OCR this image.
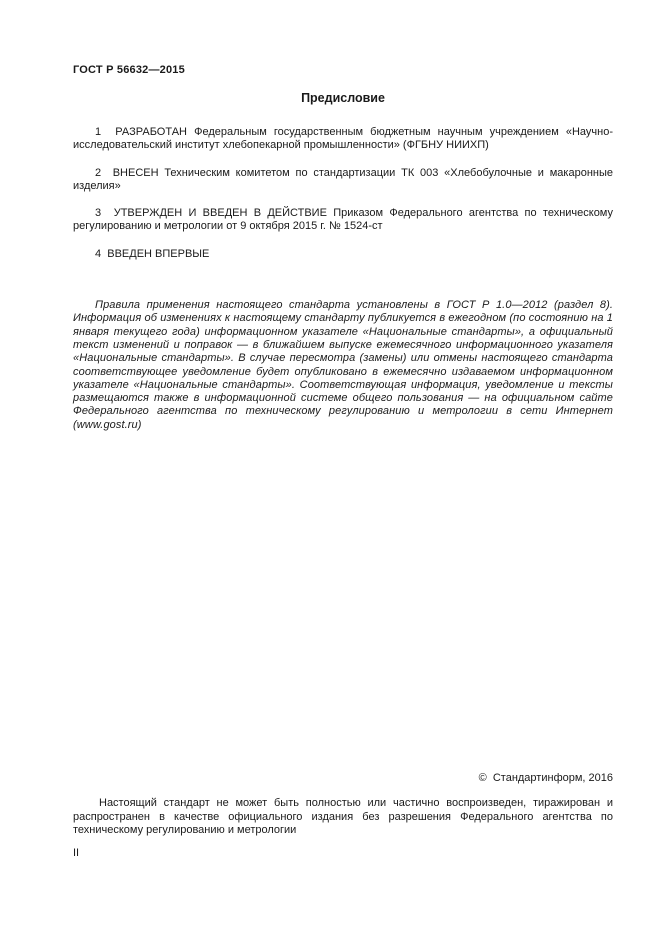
ГОСТ Р 56632—2015
Предисловие

1  РАЗРАБОТАН Федеральным государственным бюджетным научным учреждением «Научно-исследовательский институт хлебопекарной промышленности» (ФГБНУ НИИХП)

2  ВНЕСЕН Техническим комитетом по стандартизации ТК 003 «Хлебобулочные и макаронные изделия»

3  УТВЕРЖДЕН И ВВЕДЕН В ДЕЙСТВИЕ Приказом Федерального агентства по техническому регулированию и метрологии от 9 октября 2015 г. № 1524-ст

4  ВВЕДЕН ВПЕРВЫЕ

Правила применения настоящего стандарта установлены в ГОСТ Р 1.0—2012 (раздел 8). Информация об изменениях к настоящему стандарту публикуется в ежегодном (по состоянию на 1 января текущего года) информационном указателе «Национальные стандарты», а официальный текст изменений и поправок — в ближайшем выпуске ежемесячного информационного указателя «Национальные стандарты». В случае пересмотра (замены) или отмены настоящего стандарта соответствующее уведомление будет опубликовано в ежемесячно издаваемом информационном указателе «Национальные стандарты». Соответствующая информация, уведомление и тексты размещаются также в информационной системе общего пользования — на официальном сайте Федерального агентства по техническому регулированию и метрологии в сети Интернет (www.gost.ru)

©  Стандартинформ, 2016

Настоящий стандарт не может быть полностью или частично воспроизведен, тиражирован и распространен в качестве официального издания без разрешения Федерального агентства по техническому регулированию и метрологии

II
